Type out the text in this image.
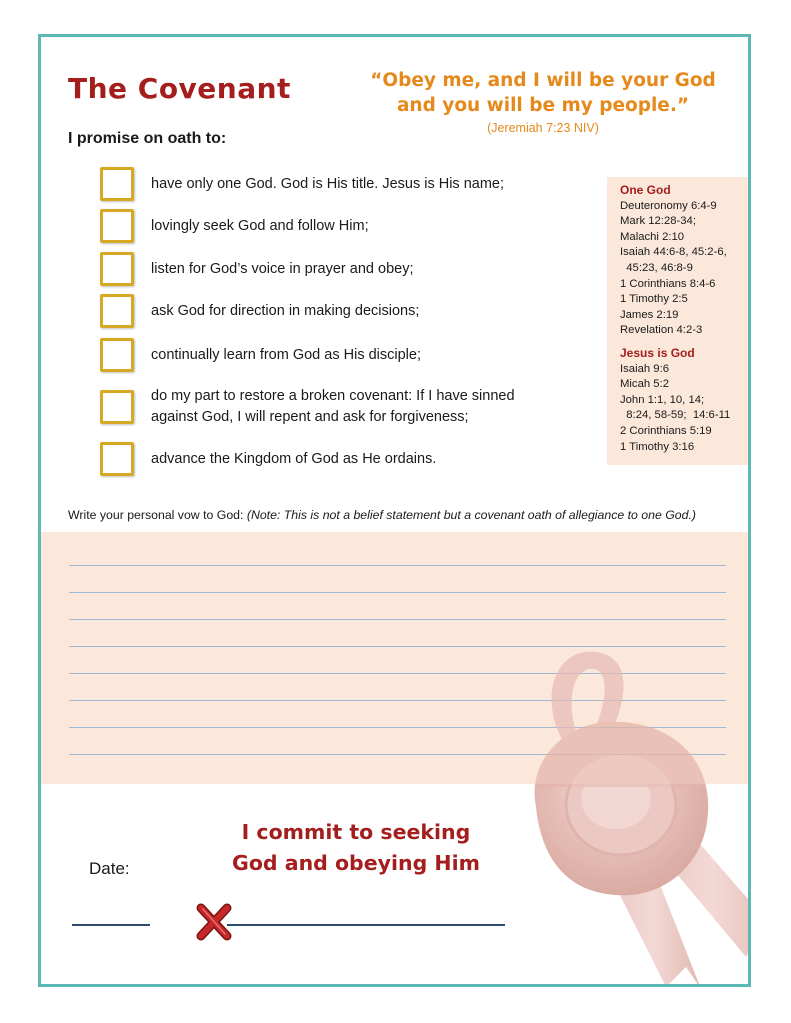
The Covenant	“Obey me, and I will be your God
and you will be my people.”
(Jeremiah 7:23 NIV)
I promise on oath to:
have only one God. God is His title. Jesus is His name;
lovingly seek God and follow Him;
listen for God’s voice in prayer and obey;
ask God for direction in making decisions;
continually learn from God as His disciple;
do my part to restore a broken covenant: If I have sinned
against God, I will repent and ask for forgiveness;
advance the Kingdom of God as He ordains.
One God
Deuteronomy 6:4-9
Mark 12:28-34;
Malachi 2:10
Isaiah 44:6-8, 45:2-6,
45:23, 46:8-9
1 Corinthians 8:4-6
1 Timothy 2:5
James 2:19
Revelation 4:2-3
Jesus is God
Isaiah 9:6
Micah 5:2
John 1:1, 10, 14;
8:24, 58-59;  14:6-11
2 Corinthians 5:19
1 Timothy 3:16
Write your personal vow to God: (Note: This is not a belief statement but a covenant oath of allegiance to one God.)
I commit to seeking
God and obeying Him
Date:
